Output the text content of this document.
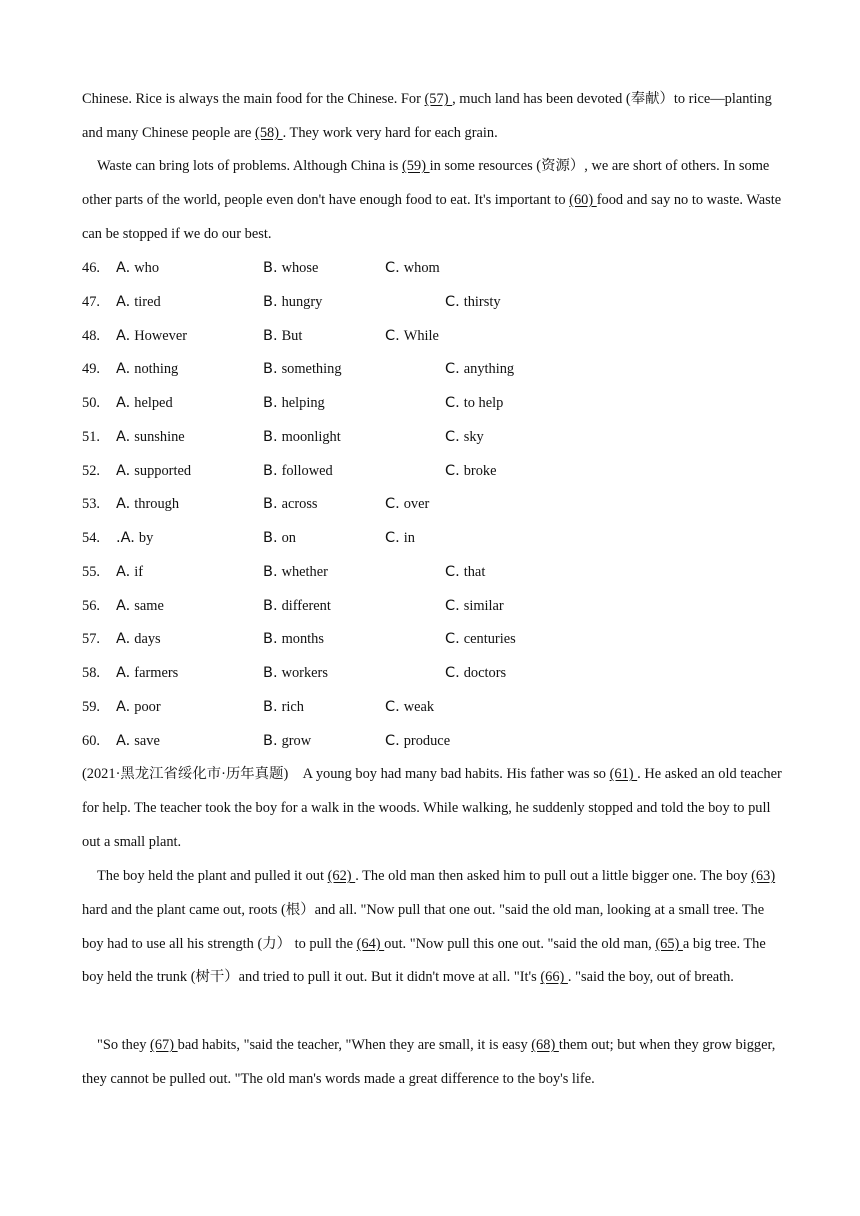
Chinese. Rice is always the main food for the Chinese. For (57) , much land has been devoted (奉献）to rice—planting and many Chinese people are (58) . They work very hard for each grain.

Waste can bring lots of problems. Although China is (59) in some resources (资源）, we are short of others. In some other parts of the world, people even don't have enough food to eat. It's important to (60) food and say no to waste. Waste can be stopped if we do our best.

46. A. who	B. whose	C. whom
47. A. tired	B. hungry	C. thirsty
48. A. However	B. But	C. While
49. A. nothing	B. something	C. anything
50. A. helped	B. helping	C. to help
51. A. sunshine	B. moonlight	C. sky
52. A. supported	B. followed	C. broke
53. A. through	B. across	C. over
54. .A. by	B. on	C. in
55. A. if	B. whether	C. that
56. A. same	B. different	C. similar
57. A. days	B. months	C. centuries
58. A. farmers	B. workers	C. doctors
59. A. poor	B. rich	C. weak
60. A. save	B. grow	C. produce

(2021·黑龙江省绥化市·历年真题) A young boy had many bad habits. His father was so (61) . He asked an old teacher for help. The teacher took the boy for a walk in the woods. While walking, he suddenly stopped and told the boy to pull out a small plant.

The boy held the plant and pulled it out (62) . The old man then asked him to pull out a little bigger one. The boy (63) hard and the plant came out, roots (根）and all. "Now pull that one out. "said the old man, looking at a small tree. The boy had to use all his strength (力） to pull the (64) out. "Now pull this one out. "said the old man, (65) a big tree. The boy held the trunk (树干）and tried to pull it out. But it didn't move at all. "It's (66) . "said the boy, out of breath.

"So they (67) bad habits, "said the teacher, "When they are small, it is easy (68) them out; but when they grow bigger, they cannot be pulled out. "The old man's words made a great difference to the boy's life.
